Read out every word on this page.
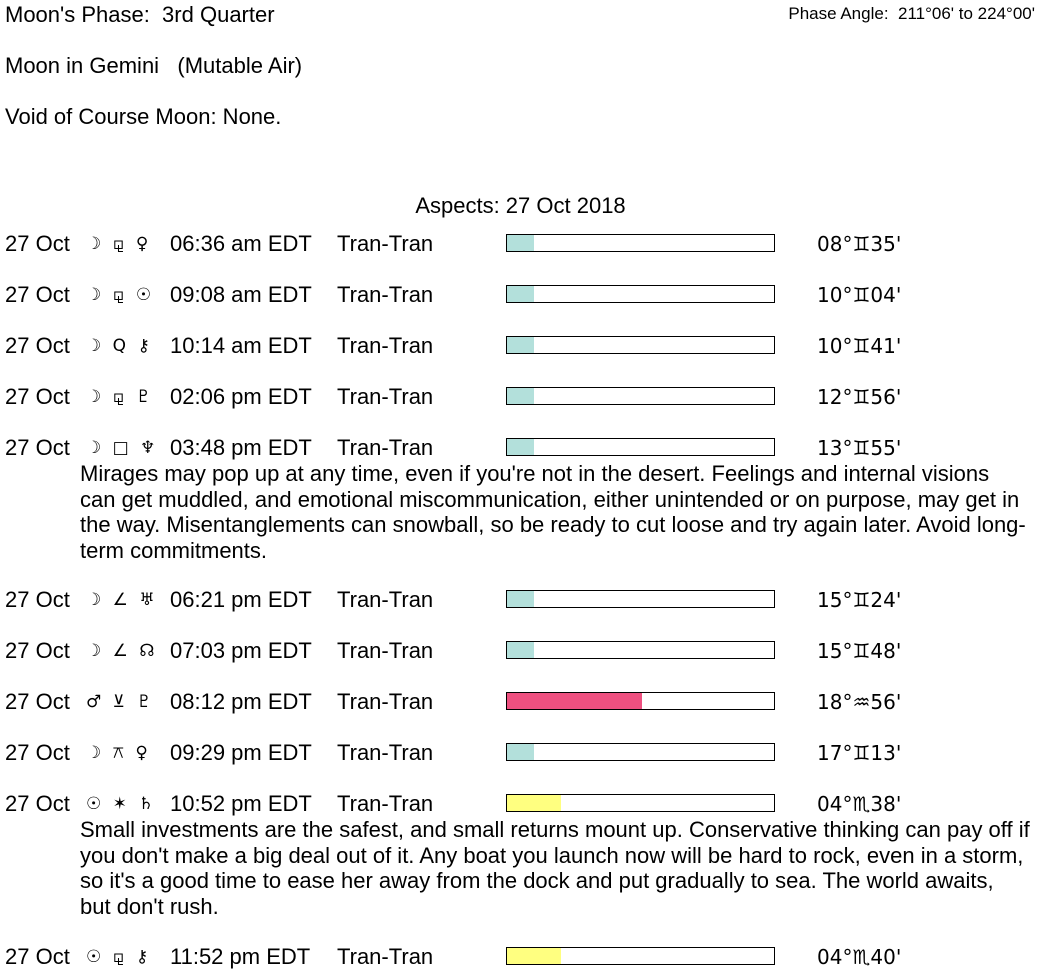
Moon's Phase:  3rd Quarter	Phase Angle:  211°06' to 224°00'
Moon in Gemini   (Mutable Air)
Void of Course Moon: None.
Aspects: 27 Oct 2018
27 Oct ☽ ⚼ ♀ 06:36 am EDT Tran-Tran	08°♊35'
27 Oct ☽ ⚼ ☉ 09:08 am EDT Tran-Tran	10°♊04'
27 Oct ☽ Q ⚷ 10:14 am EDT Tran-Tran	10°♊41'
27 Oct ☽ ⚼ ♇ 02:06 pm EDT Tran-Tran	12°♊56'
27 Oct ☽ □ ♆ 03:48 pm EDT Tran-Tran	13°♊55'
Mirages may pop up at any time, even if you're not in the desert. Feelings and internal visions can get muddled, and emotional miscommunication, either unintended or on purpose, may get in the way. Misentanglements can snowball, so be ready to cut loose and try again later. Avoid long-term commitments.
27 Oct ☽ ∠ ♅ 06:21 pm EDT Tran-Tran	15°♊24'
27 Oct ☽ ∠ ☊ 07:03 pm EDT Tran-Tran	15°♊48'
27 Oct ♂ ⊻ ♇ 08:12 pm EDT Tran-Tran	18°♒56'
27 Oct ☽ ⚻ ♀ 09:29 pm EDT Tran-Tran	17°♊13'
27 Oct ☉ ✶ ♄ 10:52 pm EDT Tran-Tran	04°♏38'
Small investments are the safest, and small returns mount up. Conservative thinking can pay off if you don't make a big deal out of it. Any boat you launch now will be hard to rock, even in a storm, so it's a good time to ease her away from the dock and put gradually to sea. The world awaits, but don't rush.
27 Oct ☉ ⚼ ⚷ 11:52 pm EDT Tran-Tran	04°♏40'
